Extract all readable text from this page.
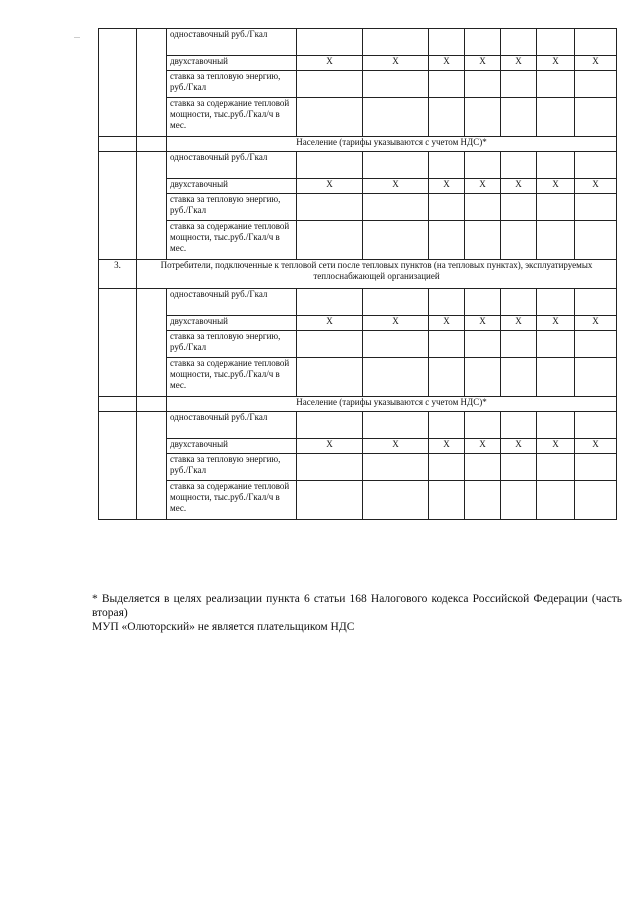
		одноставочный руб./Гкал							
		двухставочный	Х	Х	Х	Х	Х	Х	Х
		ставка за тепловую энергию, руб./Гкал							
		ставка за содержание тепловой мощности, тыс.руб./Гкал/ч в мес.							
		Население (тарифы указываются с учетом НДС)*							
		одноставочный руб./Гкал							
		двухставочный	Х	Х	Х	Х	Х	Х	Х
		ставка за тепловую энергию, руб./Гкал							
		ставка за содержание тепловой мощности, тыс.руб./Гкал/ч в мес.							
3.	Потребители, подключенные к тепловой сети после тепловых пунктов (на тепловых пунктах), эксплуатируемых теплоснабжающей организацией								
		одноставочный руб./Гкал							
		двухставочный	Х	Х	Х	Х	Х	Х	Х
		ставка за тепловую энергию, руб./Гкал							
		ставка за содержание тепловой мощности, тыс.руб./Гкал/ч в мес.							
		Население (тарифы указываются с учетом НДС)*							
		одноставочный руб./Гкал							
		двухставочный	Х	Х	Х	Х	Х	Х	Х
		ставка за тепловую энергию, руб./Гкал							
		ставка за содержание тепловой мощности, тыс.руб./Гкал/ч в мес.							

* Выделяется в целях реализации пункта 6 статьи 168 Налогового кодекса Российской Федерации (часть вторая)

МУП «Олюторский» не является плательщиком НДС
